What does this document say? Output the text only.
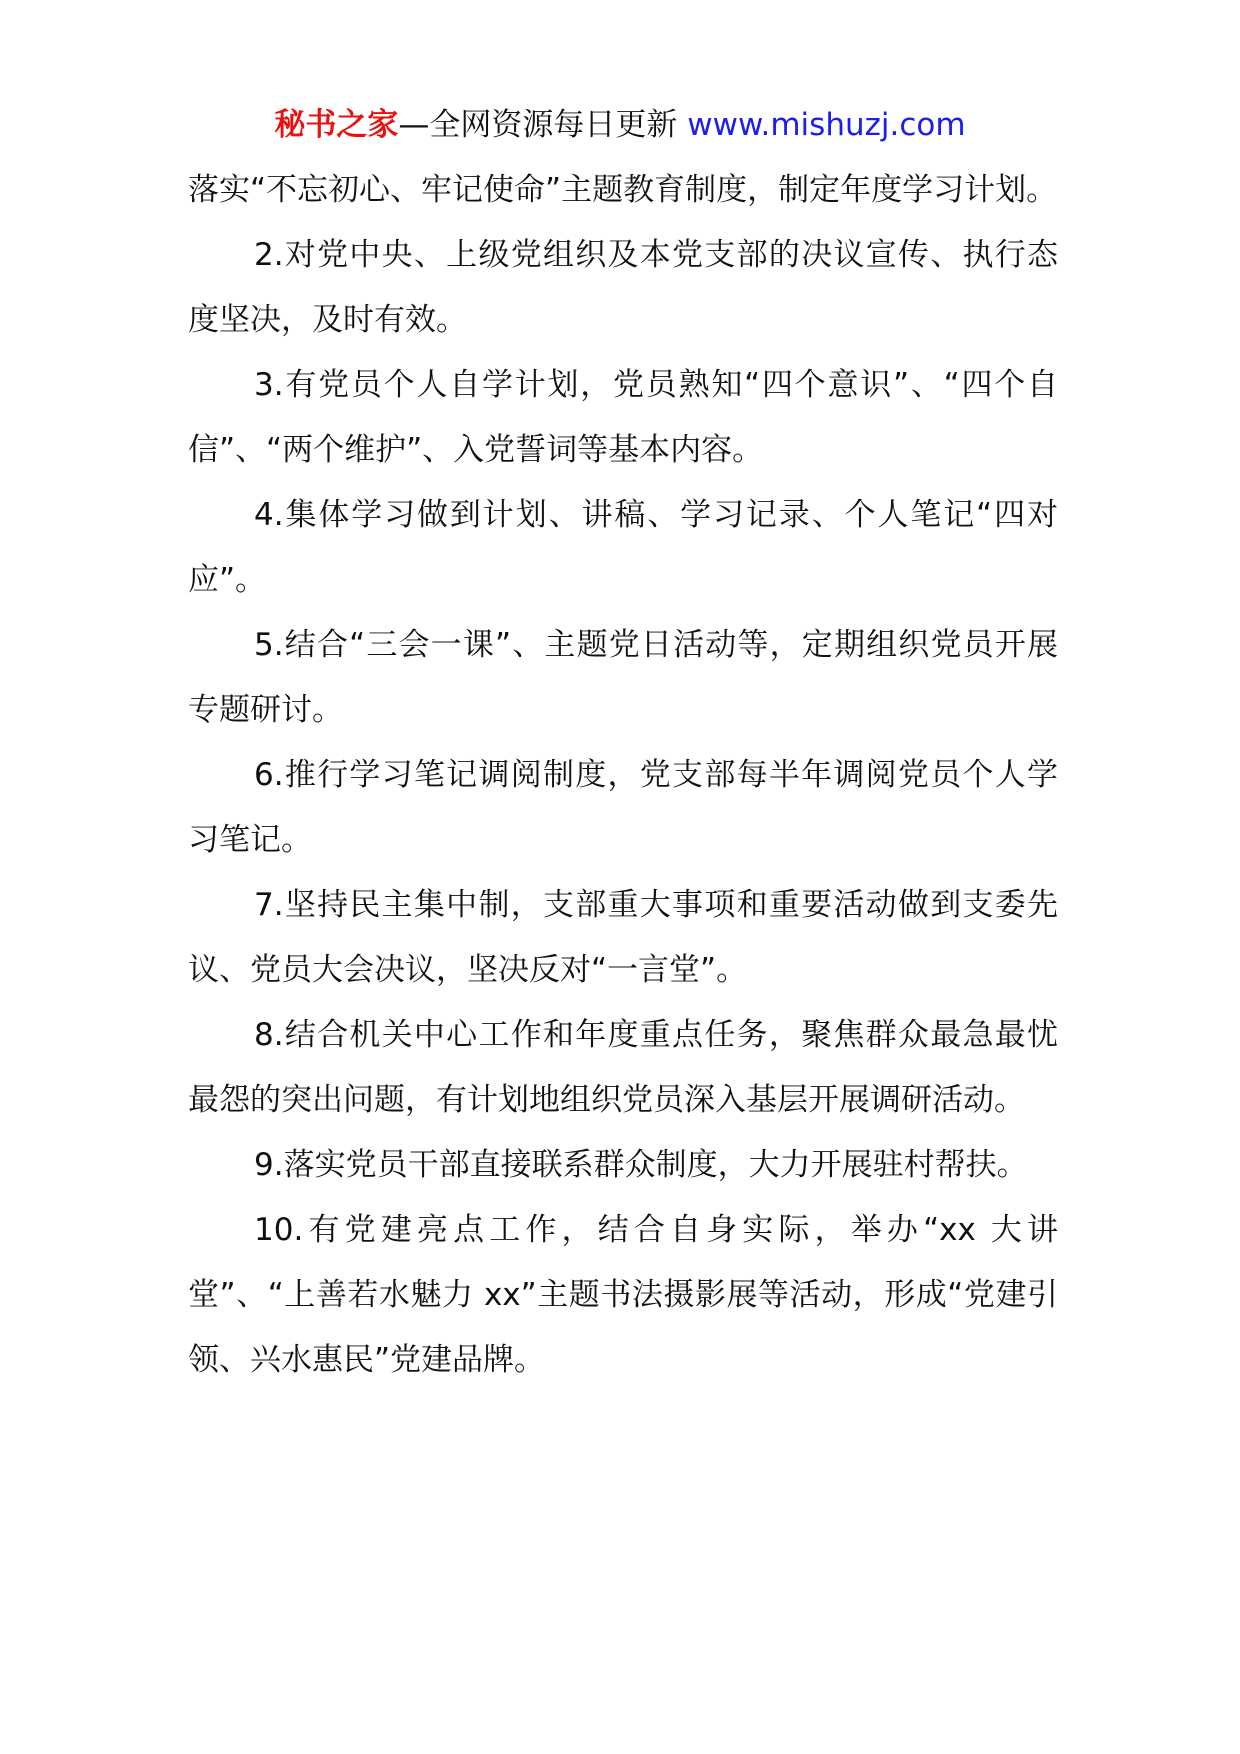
秘书之家—全网资源每日更新 www.mishuzj.com

落实“不忘初心、牢记使命”主题教育制度，制定年度学习计划。

2.对党中央、上级党组织及本党支部的决议宣传、执行态度坚决，及时有效。

3.有党员个人自学计划，党员熟知“四个意识”、“四个自信”、“两个维护”、入党誓词等基本内容。

4.集体学习做到计划、讲稿、学习记录、个人笔记“四对应”。

5.结合“三会一课”、主题党日活动等，定期组织党员开展专题研讨。

6.推行学习笔记调阅制度，党支部每半年调阅党员个人学习笔记。

7.坚持民主集中制，支部重大事项和重要活动做到支委先议、党员大会决议，坚决反对“一言堂”。

8.结合机关中心工作和年度重点任务，聚焦群众最急最忧最怨的突出问题，有计划地组织党员深入基层开展调研活动。

9.落实党员干部直接联系群众制度，大力开展驻村帮扶。

10.有党建亮点工作，结合自身实际，举办“xx 大讲堂”、“上善若水魅力 xx”主题书法摄影展等活动，形成“党建引领、兴水惠民”党建品牌。
